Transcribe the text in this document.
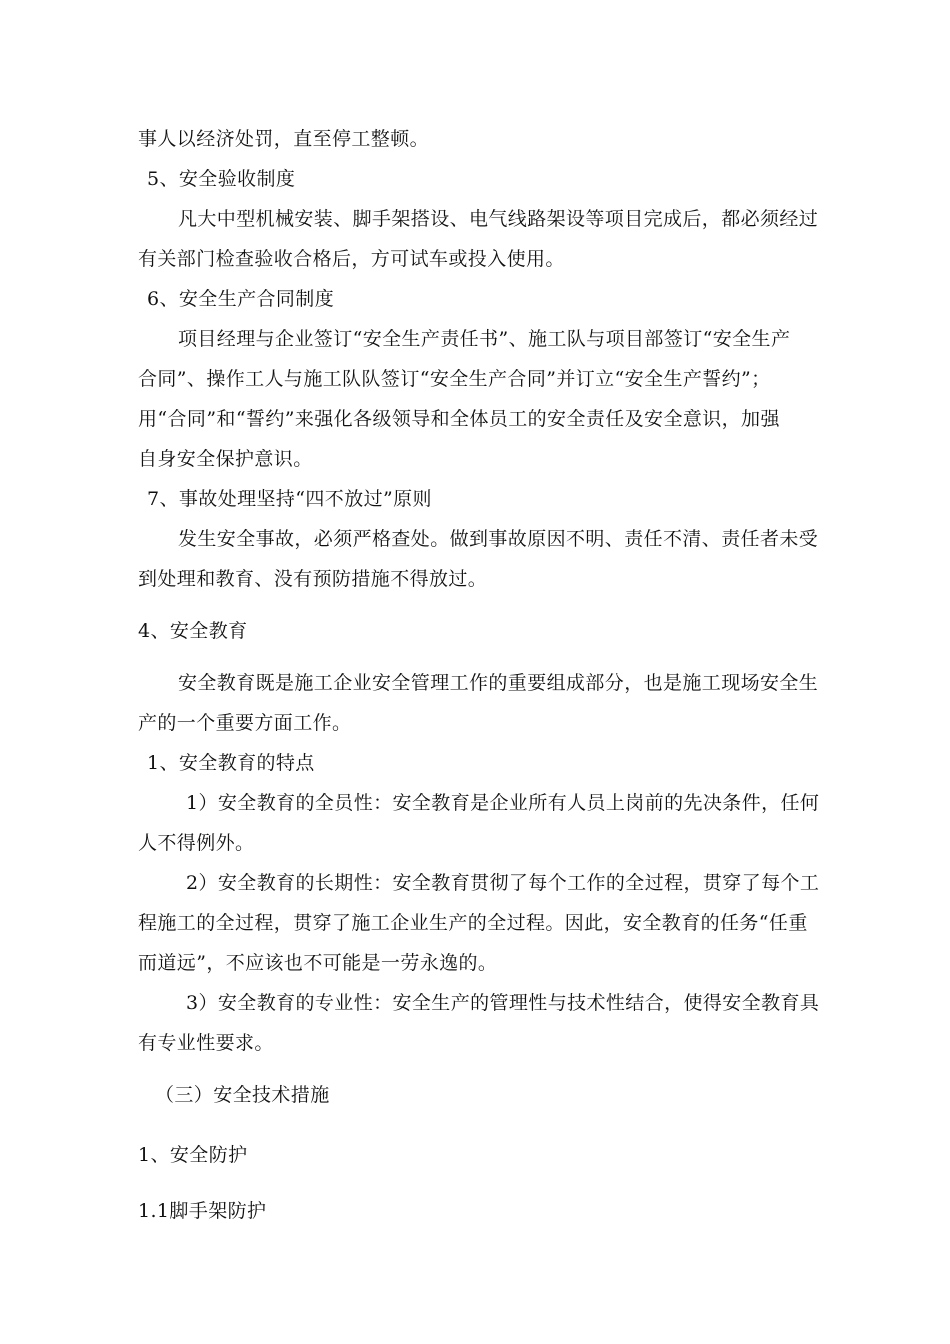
事人以经济处罚，直至停工整顿。
5、安全验收制度
凡大中型机械安装、脚手架搭设、电气线路架设等项目完成后，都必须经过
有关部门检查验收合格后，方可试车或投入使用。
6、安全生产合同制度
项目经理与企业签订“安全生产责任书”、施工队与项目部签订“安全生产
合同”、操作工人与施工队队签订“安全生产合同”并订立“安全生产誓约”；
用“合同”和“誓约”来强化各级领导和全体员工的安全责任及安全意识，加强
自身安全保护意识。
7、事故处理坚持“四不放过”原则
发生安全事故，必须严格查处。做到事故原因不明、责任不清、责任者未受
到处理和教育、没有预防措施不得放过。
4、安全教育
安全教育既是施工企业安全管理工作的重要组成部分，也是施工现场安全生
产的一个重要方面工作。
1、安全教育的特点
1）安全教育的全员性：安全教育是企业所有人员上岗前的先决条件，任何
人不得例外。
2）安全教育的长期性：安全教育贯彻了每个工作的全过程，贯穿了每个工
程施工的全过程，贯穿了施工企业生产的全过程。因此，安全教育的任务“任重
而道远”，不应该也不可能是一劳永逸的。
3）安全教育的专业性：安全生产的管理性与技术性结合，使得安全教育具
有专业性要求。
（三）安全技术措施
1、安全防护
1.1脚手架防护
